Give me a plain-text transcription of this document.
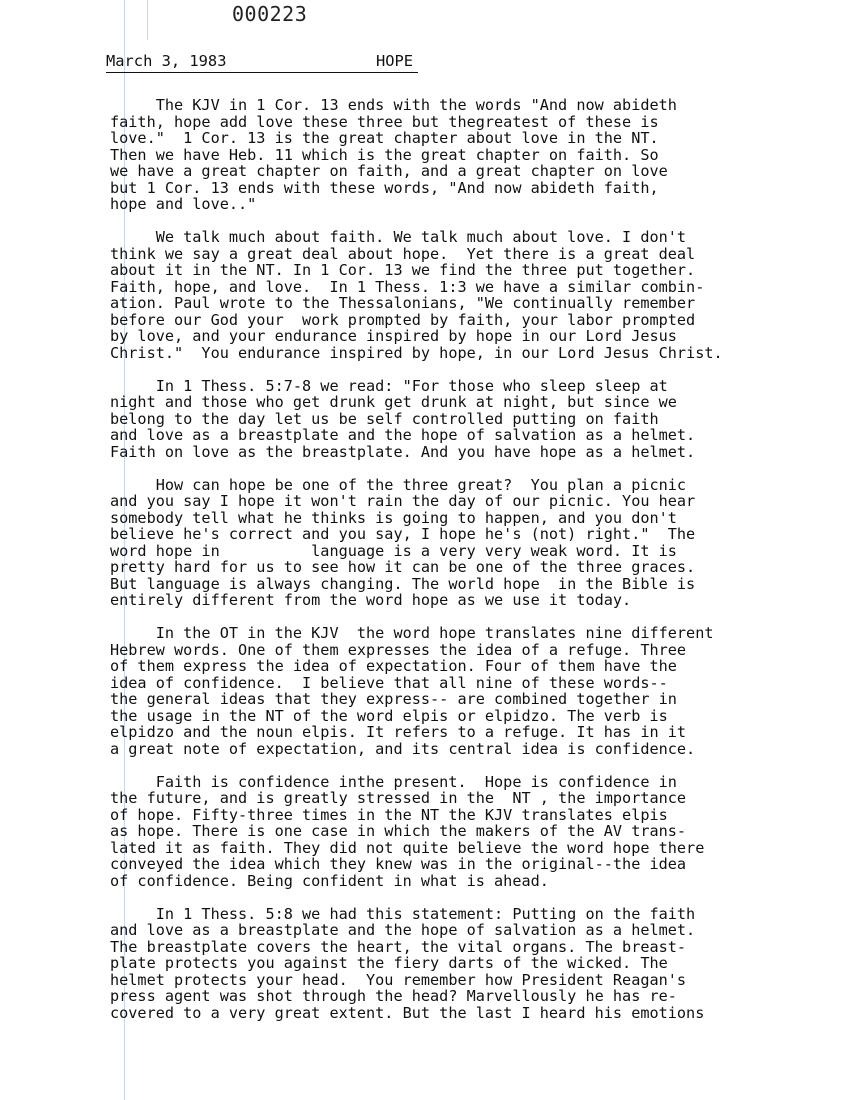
000223

March 3, 1983

	HOPE

The KJV in 1 Cor. 13 ends with the words "And now abideth
faith, hope add love these three but thegreatest of these is
love."  1 Cor. 13 is the great chapter about love in the NT.
Then we have Heb. 11 which is the great chapter on faith. So
we have a great chapter on faith, and a great chapter on love
but 1 Cor. 13 ends with these words, "And now abideth faith,
hope and love.."
We talk much about faith. We talk much about love. I don't
think we say a great deal about hope.  Yet there is a great deal
about it in the NT. In 1 Cor. 13 we find the three put together.
Faith, hope, and love.  In 1 Thess. 1:3 we have a similar combin-
ation. Paul wrote to the Thessalonians, "We continually remember
before our God your  work prompted by faith, your labor prompted
by love, and your endurance inspired by hope in our Lord Jesus
Christ."  You endurance inspired by hope, in our Lord Jesus Christ.
In 1 Thess. 5:7-8 we read: "For those who sleep sleep at
night and those who get drunk get drunk at night, but since we
belong to the day let us be self controlled putting on faith
and love as a breastplate and the hope of salvation as a helmet.
Faith on love as the breastplate. And you have hope as a helmet.
How can hope be one of the three great?  You plan a picnic
and you say I hope it won't rain the day of our picnic. You hear
somebody tell what he thinks is going to happen, and you don't
believe he's correct and you say, I hope he's (not) right."  The
word hope in          language is a very very weak word. It is
pretty hard for us to see how it can be one of the three graces.
But language is always changing. The world hope  in the Bible is
entirely different from the word hope as we use it today.
In the OT in the KJV  the word hope translates nine different
Hebrew words. One of them expresses the idea of a refuge. Three
of them express the idea of expectation. Four of them have the
idea of confidence.  I believe that all nine of these words--
the general ideas that they express-- are combined together in
the usage in the NT of the word elpis or elpidzo. The verb is
elpidzo and the noun elpis. It refers to a refuge. It has in it
a great note of expectation, and its central idea is confidence.
Faith is confidence inthe present.  Hope is confidence in
the future, and is greatly stressed in the  NT , the importance
of hope. Fifty-three times in the NT the KJV translates elpis
as hope. There is one case in which the makers of the AV trans-
lated it as faith. They did not quite believe the word hope there
conveyed the idea which they knew was in the original--the idea
of confidence. Being confident in what is ahead.
In 1 Thess. 5:8 we had this statement: Putting on the faith
and love as a breastplate and the hope of salvation as a helmet.
The breastplate covers the heart, the vital organs. The breast-
plate protects you against the fiery darts of the wicked. The
helmet protects your head.  You remember how President Reagan's
press agent was shot through the head? Marvellously he has re-
covered to a very great extent. But the last I heard his emotions
